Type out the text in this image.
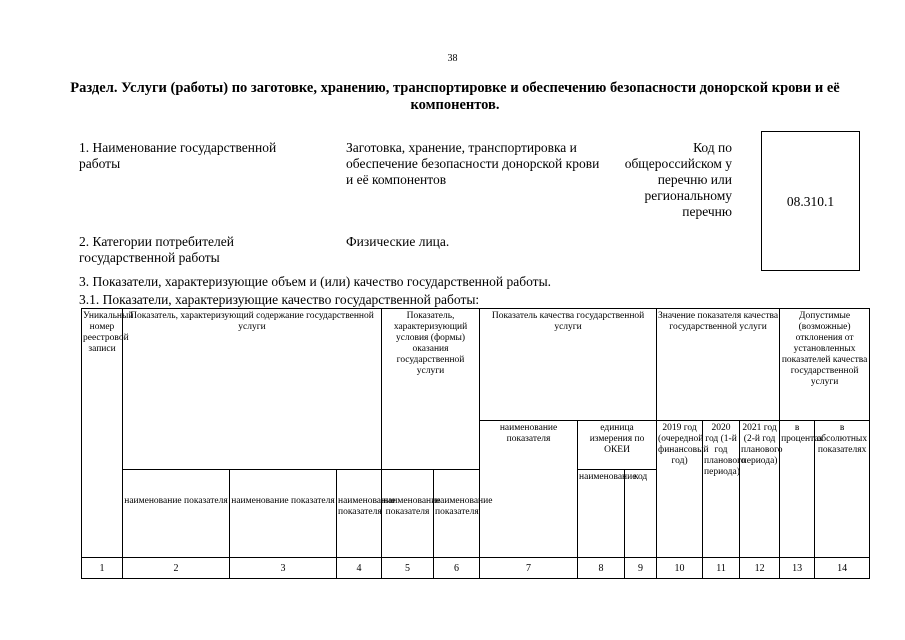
38
Раздел. Услуги (работы) по заготовке, хранению, транспортировке и обеспечению безопасности донорской крови и её компонентов.
1. Наименование государственной работы
Заготовка, хранение, транспортировка и обеспечение безопасности донорской крови и её компонентов
Код по общероссийском у перечню или региональному перечню
08.310.1
2. Категории потребителей государственной работы
Физические лица.
3. Показатели, характеризующие объем и (или) качество государственной работы.
3.1. Показатели, характеризующие качество государственной работы:
Уникальный номер реестровой записи	Показатель, характеризующий содержание государственной услуги			Показатель, характеризующий условия (формы) оказания государственной услуги		Показатель качества государственной услуги			Значение показателя качества государственной услуги			Допустимые (возможные) отклонения от установленных показателей качества государственной услуги	
						наименование показателя	единица измерения по ОКЕИ		2019 год (очередной финансовый год)	2020 год (1-й год планового периода)	2021 год (2-й год планового периода)	в процентах	в абсолютных показателях
	наименование показателя	наименование показателя	наименование показателя	наименование показателя	наименование показателя		наименование	код					
1	2	3	4	5	6	7	8	9	10	11	12	13	14
